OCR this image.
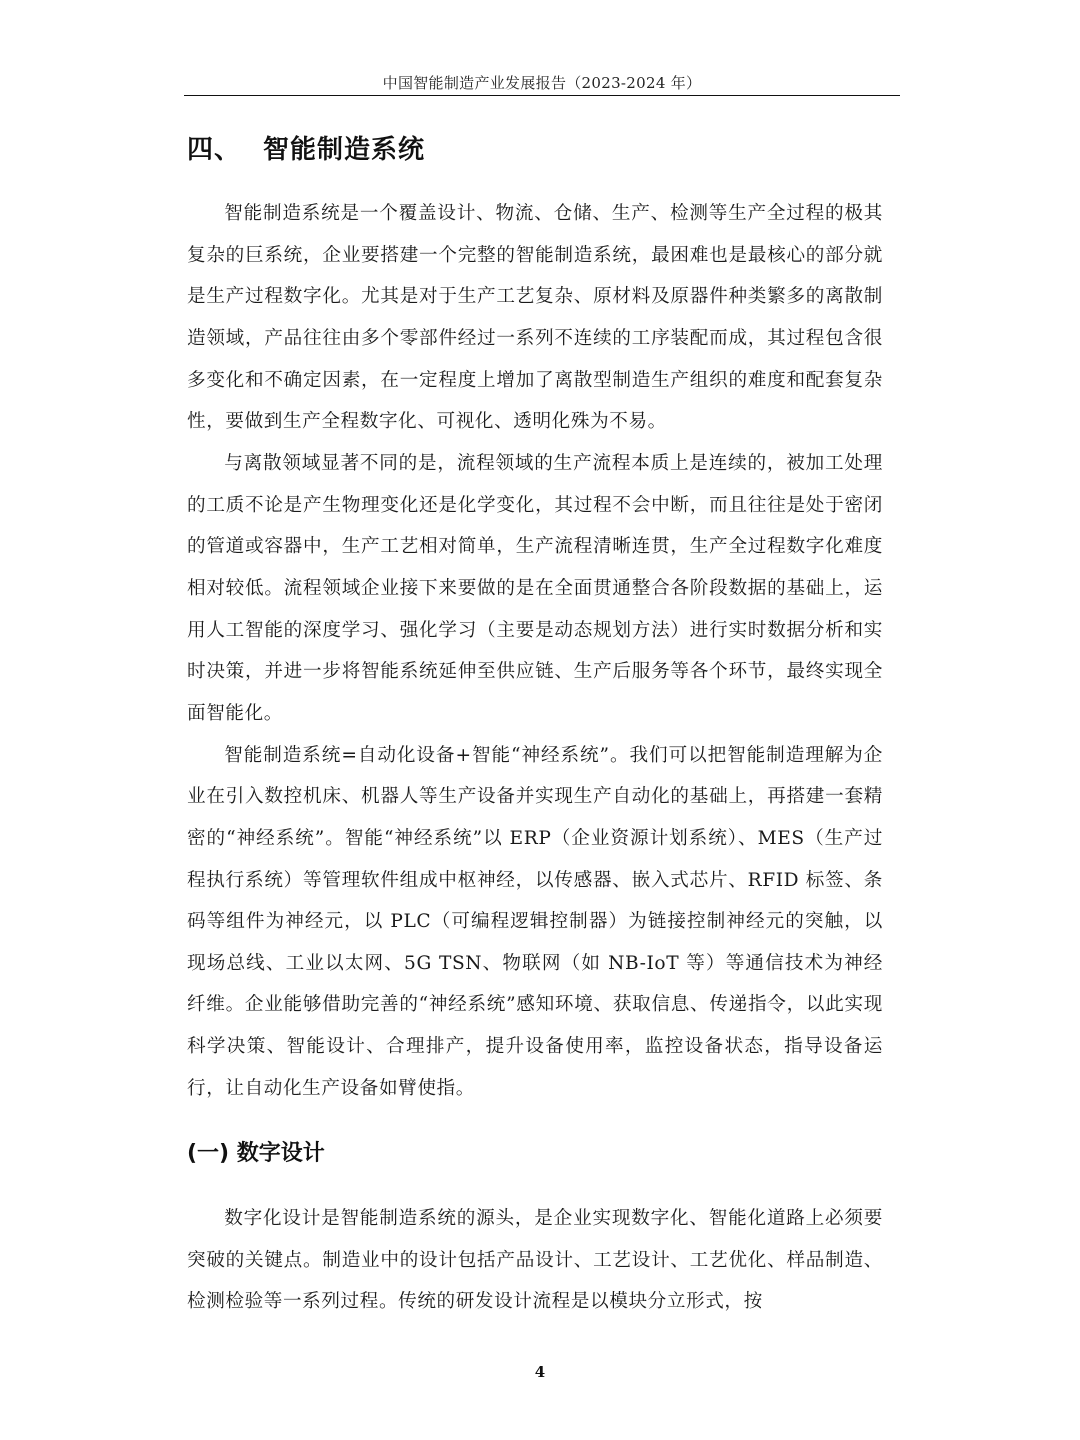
中国智能制造产业发展报告（2023-2024 年）
四、 智能制造系统

智能制造系统是一个覆盖设计、物流、仓储、生产、检测等生产全过程的极其复杂的巨系统，企业要搭建一个完整的智能制造系统，最困难也是最核心的部分就是生产过程数字化。尤其是对于生产工艺复杂、原材料及原器件种类繁多的离散制造领域，产品往往由多个零部件经过一系列不连续的工序装配而成，其过程包含很多变化和不确定因素，在一定程度上增加了离散型制造生产组织的难度和配套复杂性，要做到生产全程数字化、可视化、透明化殊为不易。

与离散领域显著不同的是，流程领域的生产流程本质上是连续的，被加工处理的工质不论是产生物理变化还是化学变化，其过程不会中断，而且往往是处于密闭的管道或容器中，生产工艺相对简单，生产流程清晰连贯，生产全过程数字化难度相对较低。流程领域企业接下来要做的是在全面贯通整合各阶段数据的基础上，运用人工智能的深度学习、强化学习（主要是动态规划方法）进行实时数据分析和实时决策，并进一步将智能系统延伸至供应链、生产后服务等各个环节，最终实现全面智能化。

智能制造系统=自动化设备+智能“神经系统”。我们可以把智能制造理解为企业在引入数控机床、机器人等生产设备并实现生产自动化的基础上，再搭建一套精密的“神经系统”。智能“神经系统”以 ERP（企业资源计划系统）、MES（生产过程执行系统）等管理软件组成中枢神经，以传感器、嵌入式芯片、RFID 标签、条码等组件为神经元，以 PLC（可编程逻辑控制器）为链接控制神经元的突触，以现场总线、工业以太网、5G TSN、物联网（如 NB-IoT 等）等通信技术为神经纤维。企业能够借助完善的“神经系统”感知环境、获取信息、传递指令，以此实现科学决策、智能设计、合理排产，提升设备使用率，监控设备状态，指导设备运行，让自动化生产设备如臂使指。

(一) 数字设计

数字化设计是智能制造系统的源头，是企业实现数字化、智能化道路上必须要突破的关键点。制造业中的设计包括产品设计、工艺设计、工艺优化、样品制造、检测检验等一系列过程。传统的研发设计流程是以模块分立形式，按

4
